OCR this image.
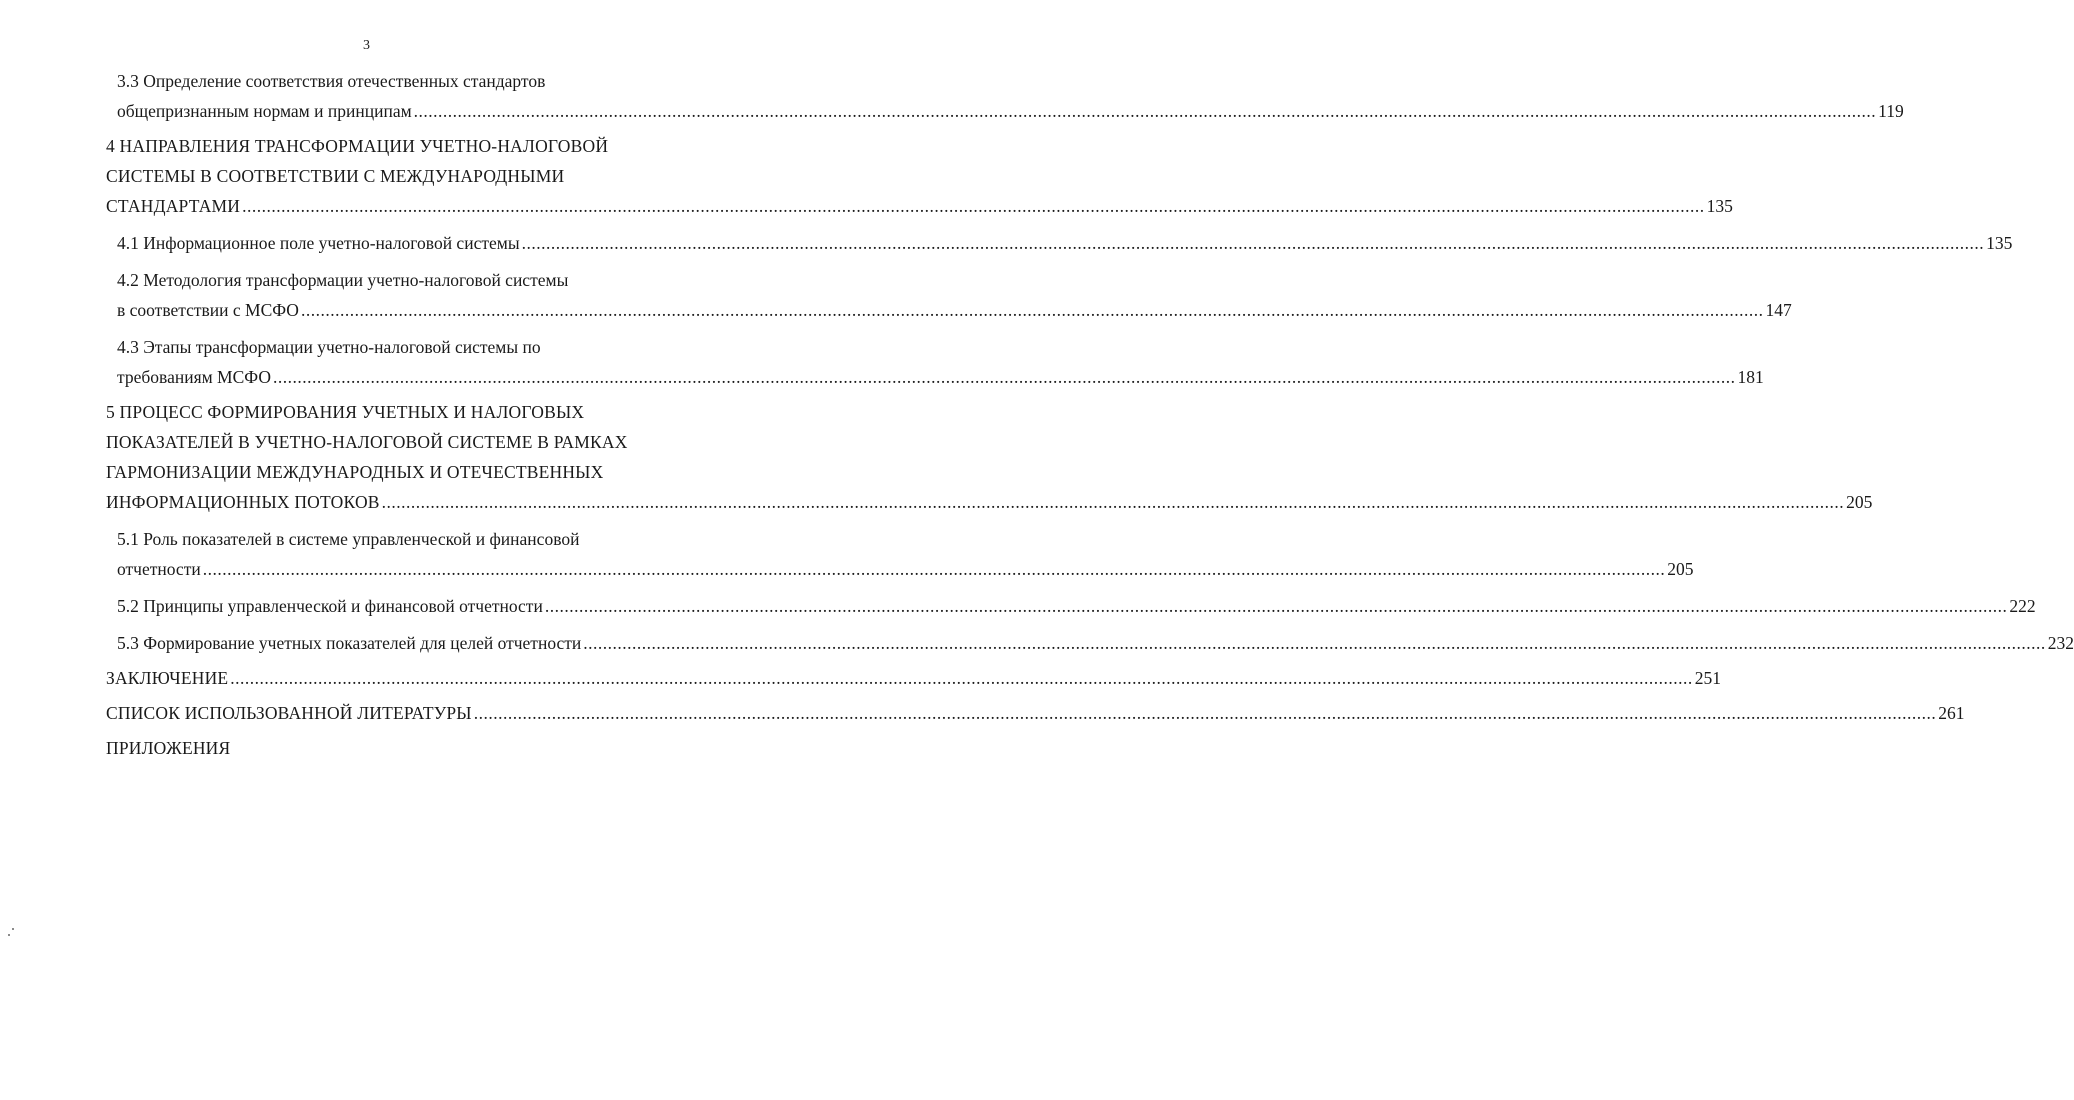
3
3.3 Определение соответствия отечественных стандартов
общепризнанным нормам и принципам ............................................................................................................................................................................................................................................................................................................ 119
4 НАПРАВЛЕНИЯ ТРАНСФОРМАЦИИ УЧЕТНО-НАЛОГОВОЙ
СИСТЕМЫ В СООТВЕТСТВИИ С МЕЖДУНАРОДНЫМИ
СТАНДАРТАМИ ............................................................................................................................................................................................................................................................................................................ 135
4.1 Информационное поле учетно-налоговой системы ............................................................................................................................................................................................................................................................................................................ 135
4.2 Методология трансформации учетно-налоговой системы
в соответствии с МСФО ............................................................................................................................................................................................................................................................................................................ 147
4.3 Этапы трансформации учетно-налоговой системы по
требованиям МСФО ............................................................................................................................................................................................................................................................................................................ 181
5 ПРОЦЕСС ФОРМИРОВАНИЯ УЧЕТНЫХ И НАЛОГОВЫХ
ПОКАЗАТЕЛЕЙ В УЧЕТНО-НАЛОГОВОЙ СИСТЕМЕ В РАМКАХ
ГАРМОНИЗАЦИИ МЕЖДУНАРОДНЫХ И ОТЕЧЕСТВЕННЫХ
ИНФОРМАЦИОННЫХ ПОТОКОВ ............................................................................................................................................................................................................................................................................................................ 205
5.1 Роль показателей в системе управленческой и финансовой
отчетности ............................................................................................................................................................................................................................................................................................................ 205
5.2 Принципы управленческой и финансовой отчетности ............................................................................................................................................................................................................................................................................................................ 222
5.3 Формирование учетных показателей для целей отчетности ............................................................................................................................................................................................................................................................................................................ 232
ЗАКЛЮЧЕНИЕ ............................................................................................................................................................................................................................................................................................................ 251
СПИСОК ИСПОЛЬЗОВАННОЙ ЛИТЕРАТУРЫ ............................................................................................................................................................................................................................................................................................................ 261
ПРИЛОЖЕНИЯ
